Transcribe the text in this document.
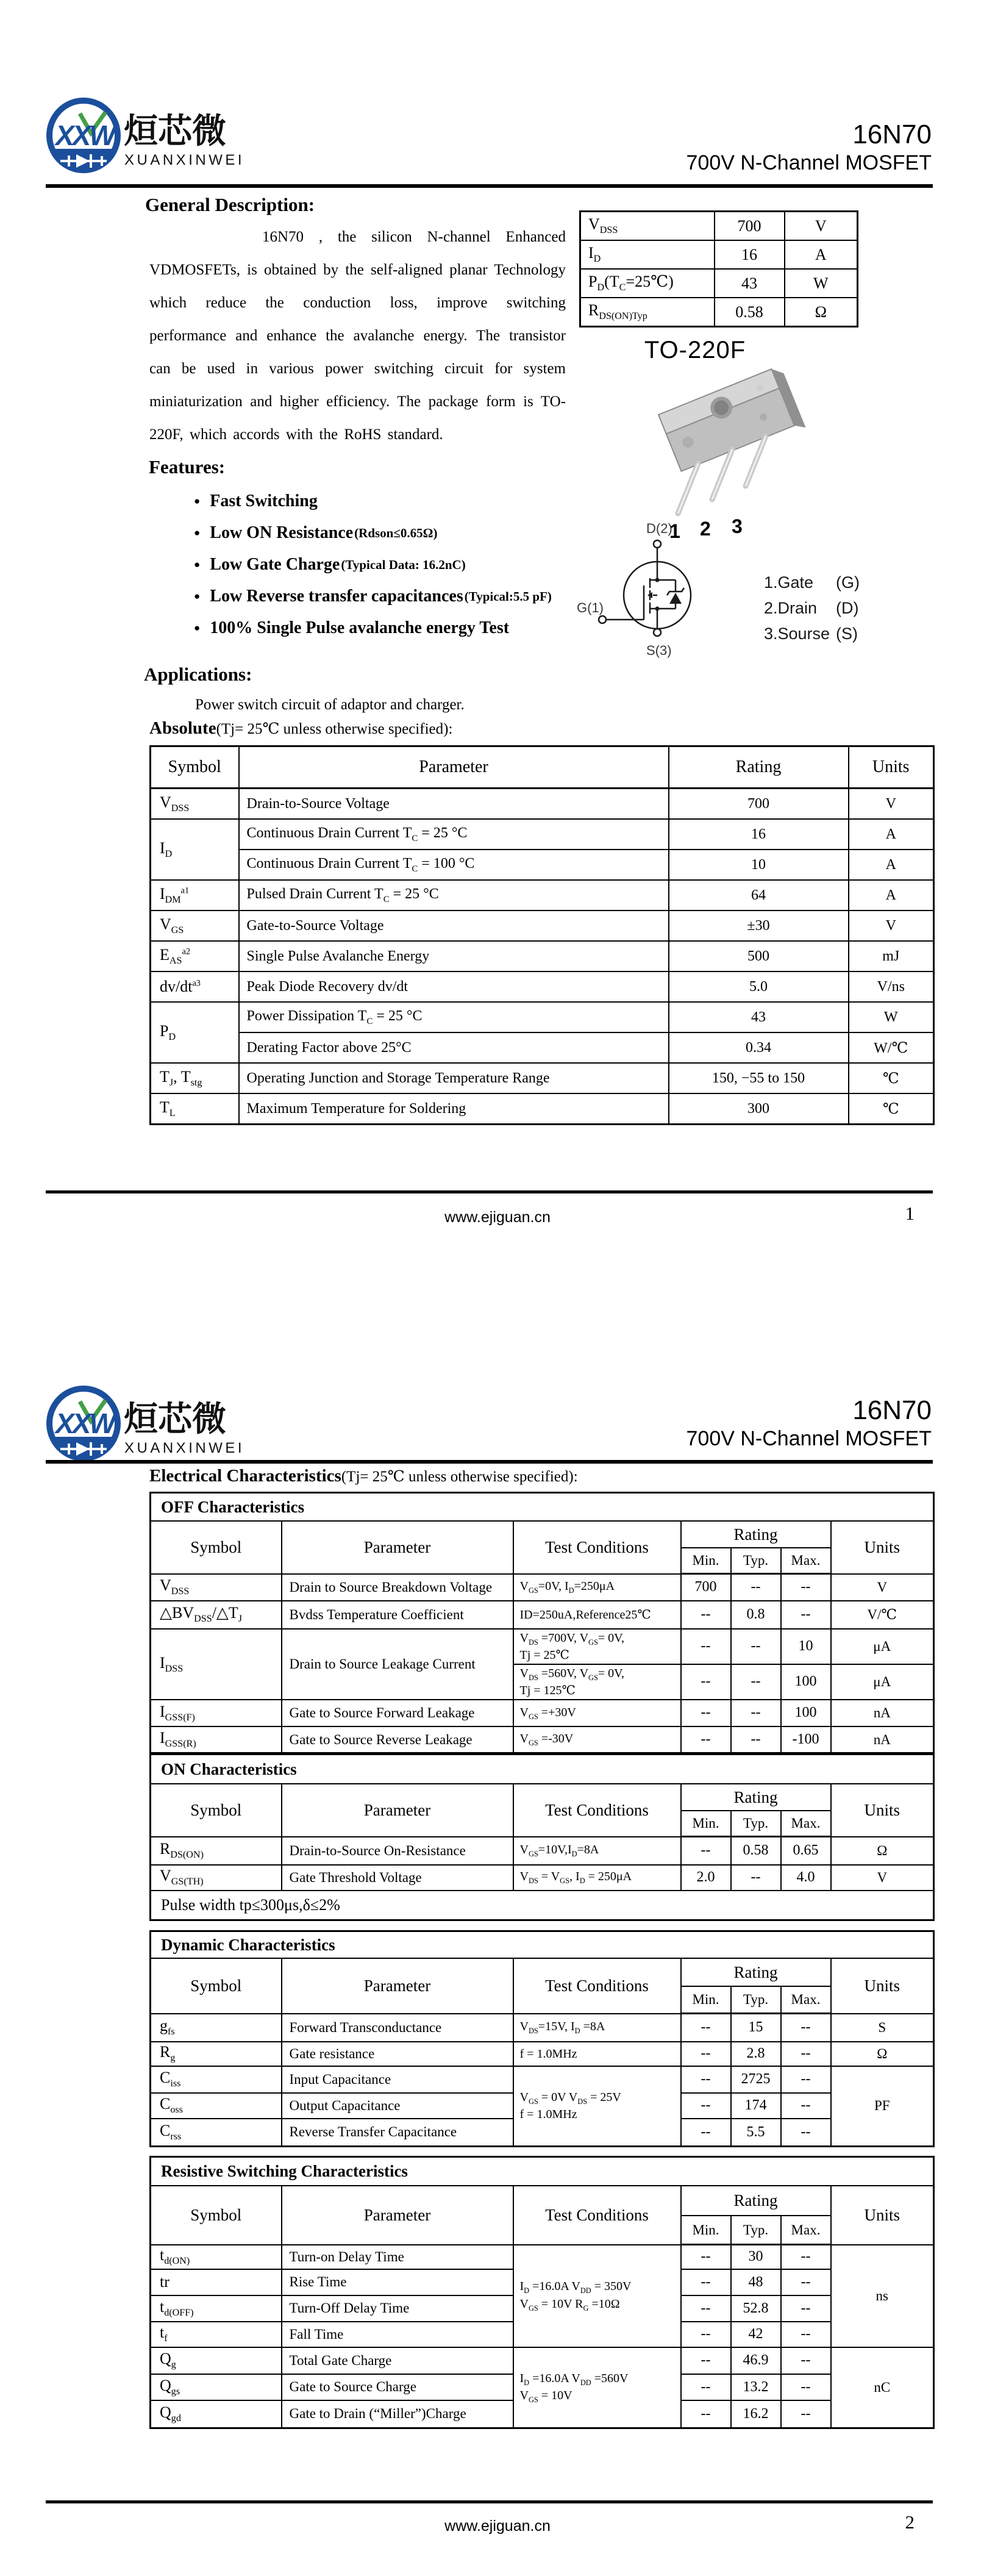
XXW 烜芯微
XUANXINWEI
16N70
700V N-Channel MOSFET
General Description:
16N70 , the silicon N-channel Enhanced VDMOSFETs, is obtained by the self-aligned planar Technology which reduce the conduction loss, improve switching performance and enhance the avalanche energy. The transistor can be used in various power switching circuit for system miniaturization and higher efficiency. The package form is TO-220F, which accords with the RoHS standard.
Features:
● Fast Switching
● Low ON Resistance (Rdson≤0.65Ω)
● Low Gate Charge (Typical Data: 16.2nC)
● Low Reverse transfer capacitances (Typical:5.5 pF)
● 100% Single Pulse avalanche energy Test
Applications:
Power switch circuit of adaptor and charger.
$V_{DSS}$	700	V
$I_D$	16	A
$P_D(T_C=25℃)$	43	W
$R_{DS(ON)Typ}$	0.58	Ω
TO-220F
1 2 3
D(2)
G(1)
S(3)
1.Gate	(G)
2.Drain	(D)
3.Sourse (S)
Absolute(Tj= 25℃ unless otherwise specified):
Symbol	Parameter	Rating	Units
$V_{DSS}$	Drain-to-Source Voltage	700	V
$I_D$	Continuous Drain Current $T_C = 25$ °C	16	A
	Continuous Drain Current $T_C = 100$ °C	10	A
$I_{DM}^{a1}$	Pulsed Drain Current $T_C = 25$ °C	64	A
$V_{GS}$	Gate-to-Source Voltage	±30	V
$E_{AS}^{a2}$	Single Pulse Avalanche Energy	500	mJ
$dv/dt^{a3}$	Peak Diode Recovery dv/dt	5.0	V/ns
$P_D$	Power Dissipation $T_C = 25$ °C	43	W
	Derating Factor above 25°C	0.34	W/℃
$T_J$, $T_{stg}$	Operating Junction and Storage Temperature Range	150, −55 to 150	℃
$T_L$	Maximum Temperature for Soldering	300	℃
www.ejiguan.cn	1
XXW 烜芯微
XUANXINWEI
16N70
700V N-Channel MOSFET
Electrical Characteristics(Tj= 25℃ unless otherwise specified):
OFF Characteristics						
Symbol	Parameter	Test Conditions	Rating			Units
			Min.	Typ.	Max.	
$V_{DSS}$	Drain to Source Breakdown Voltage	$V_{GS}=0V$, $I_D=250\mu A$	700	--	--	V
$\triangle BV_{DSS}/\triangle T_J$	Bvdss Temperature Coefficient	ID=250uA,Reference25℃	--	0.8	--	V/℃
$I_{DSS}$	Drain to Source Leakage Current	$V_{DS} =700V$, $V_{GS}= 0V$,
Tj = 25℃	--	--	10	μA

		$V_{DS} =560V$, $V_{GS}= 0V$,
Tj = 125℃	--	--	100	μA
$I_{GSS(F)}$	Gate to Source Forward Leakage	$V_{GS} =+30V$	--	--	100	nA
$I_{GSS(R)}$	Gate to Source Reverse Leakage	$V_{GS} =-30V$	--	--	-100	nA
ON Characteristics						
Symbol	Parameter	Test Conditions	Rating			Units
			Min.	Typ.	Max.	
$R_{DS(ON)}$	Drain-to-Source On-Resistance	$V_{GS}=10V,I_D=8A$	--	0.58	0.65	Ω
$V_{GS(TH)}$	Gate Threshold Voltage	$V_{DS} = V_{GS}$, $I_D = 250\mu A$	2.0	--	4.0	V
Pulse width tp≤300μs,δ≤2%						
Dynamic Characteristics						
Symbol	Parameter	Test Conditions	Rating			Units
			Min.	Typ.	Max.	
$g_{fs}$	Forward Transconductance	$V_{DS}=15V$, $I_D =8A$	--	15	--	S
$R_g$	Gate resistance	f = 1.0MHz	--	2.8	--	Ω
$C_{iss}$	Input Capacitance	$V_{GS} = 0V$ $V_{DS} = 25V$
f = 1.0MHz	--	2725	--	PF
$C_{oss}$	Output Capacitance		--	174	--	
$C_{rss}$	Reverse Transfer Capacitance		--	5.5	--	
Resistive Switching Characteristics						
Symbol	Parameter	Test Conditions	Rating			Units
			Min.	Typ.	Max.	
$t_{d(ON)}$	Turn-on Delay Time	$I_D =16.0A$ $V_{DD} = 350V$
$V_{GS} = 10V$ $R_G =10\Omega$	--	30	--	ns
tr	Rise Time		--	48	--	
$t_{d(OFF)}$	Turn-Off Delay Time		--	52.8	--	
$t_f$	Fall Time		--	42	--	
$Q_g$	Total Gate Charge	$I_D =16.0A$ $V_{DD} =560V$
$V_{GS} = 10V$	--	46.9	--	nC
$Q_{gs}$	Gate to Source Charge		--	13.2	--	
$Q_{gd}$	Gate to Drain (“Miller”)Charge		--	16.2	--	
www.ejiguan.cn	2
